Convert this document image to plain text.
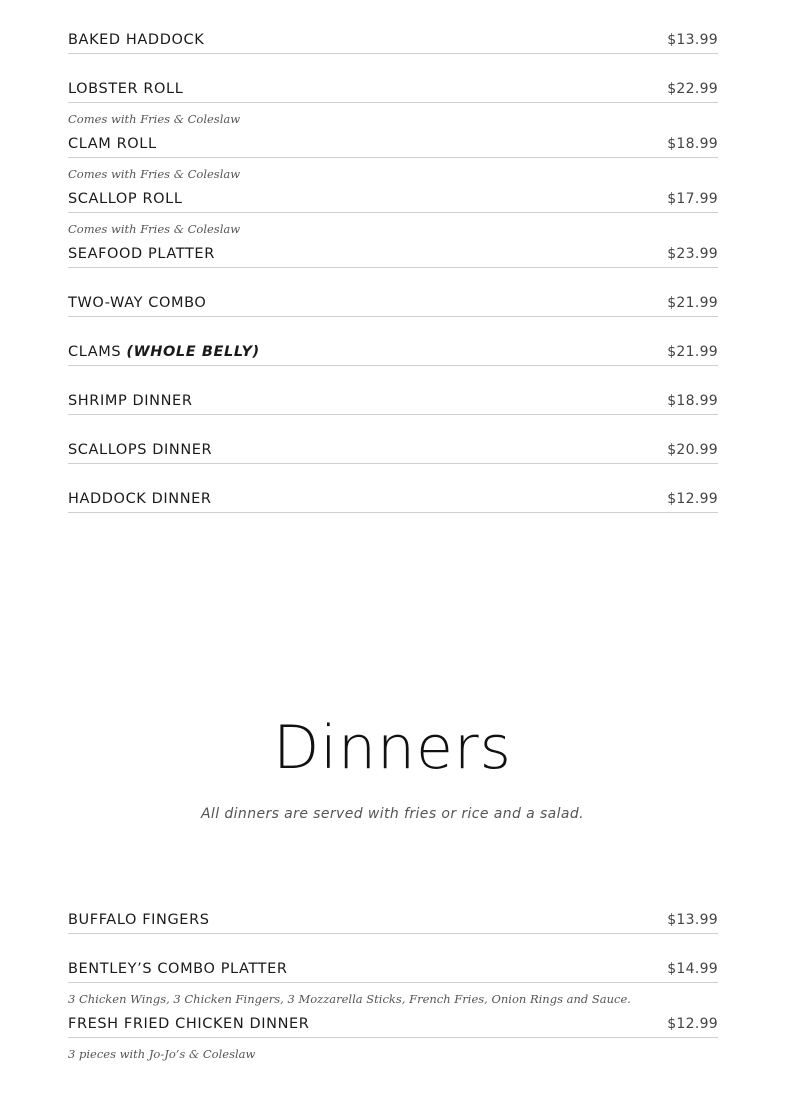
BAKED HADDOCK	$13.99
LOBSTER ROLL	$22.99
Comes with Fries & Coleslaw
CLAM ROLL	$18.99
Comes with Fries & Coleslaw
SCALLOP ROLL	$17.99
Comes with Fries & Coleslaw
SEAFOOD PLATTER	$23.99
TWO-WAY COMBO	$21.99
CLAMS (WHOLE BELLY)	$21.99
SHRIMP DINNER	$18.99
SCALLOPS DINNER	$20.99
HADDOCK DINNER	$12.99
Dinners
All dinners are served with fries or rice and a salad.
BUFFALO FINGERS	$13.99
BENTLEY’S COMBO PLATTER	$14.99
3 Chicken Wings, 3 Chicken Fingers, 3 Mozzarella Sticks, French Fries, Onion Rings and Sauce.
FRESH FRIED CHICKEN DINNER	$12.99
3 pieces with Jo-Jo’s & Coleslaw
